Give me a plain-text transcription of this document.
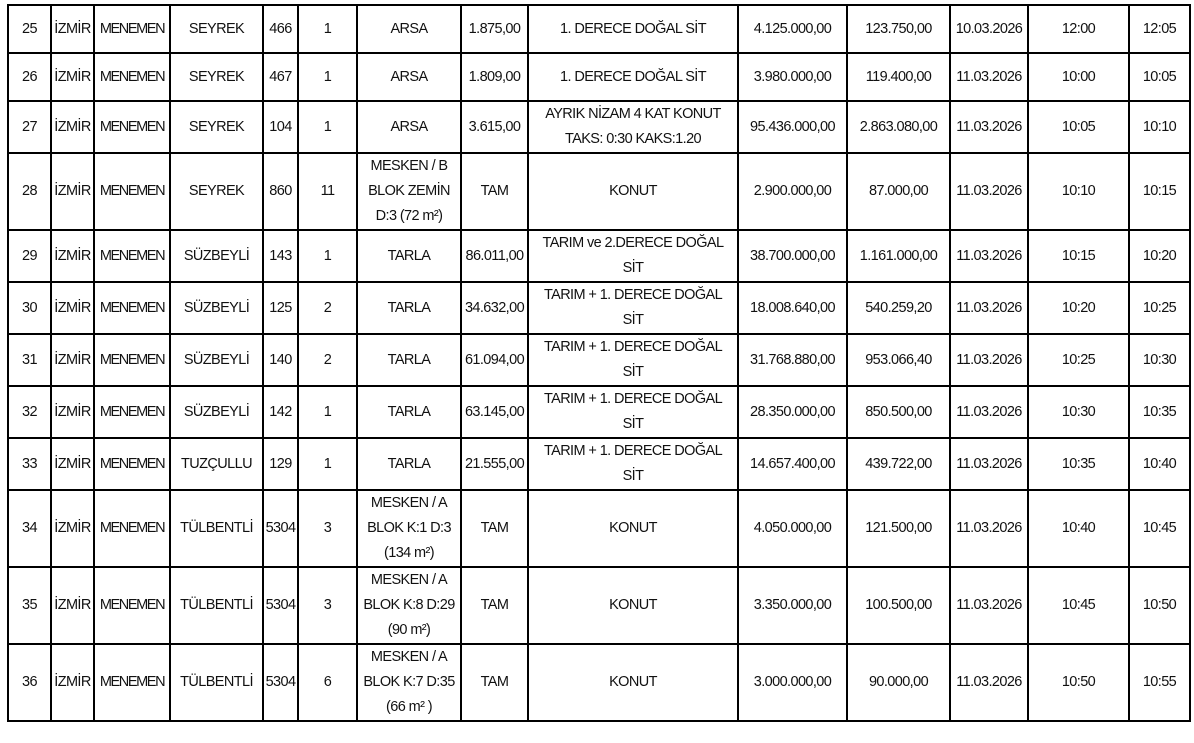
25	İZMİR	MENEMEN	SEYREK	466	1	ARSA	1.875,00	1. DERECE DOĞAL SİT	4.125.000,00	123.750,00	10.03.2026	12:00	12:05
26	İZMİR	MENEMEN	SEYREK	467	1	ARSA	1.809,00	1. DERECE DOĞAL SİT	3.980.000,00	119.400,00	11.03.2026	10:00	10:05
27	İZMİR	MENEMEN	SEYREK	104	1	ARSA	3.615,00	AYRIK NİZAM 4 KAT KONUT
TAKS: 0:30 KAKS:1.20	95.436.000,00	2.863.080,00	11.03.2026	10:05	10:10
28	İZMİR	MENEMEN	SEYREK	860	11	MESKEN / B
BLOK ZEMİN
D:3 (72 m²)	TAM	KONUT	2.900.000,00	87.000,00	11.03.2026	10:10	10:15
29	İZMİR	MENEMEN	SÜZBEYLİ	143	1	TARLA	86.011,00	TARIM ve 2.DERECE DOĞAL
SİT	38.700.000,00	1.161.000,00	11.03.2026	10:15	10:20
30	İZMİR	MENEMEN	SÜZBEYLİ	125	2	TARLA	34.632,00	TARIM + 1. DERECE DOĞAL
SİT	18.008.640,00	540.259,20	11.03.2026	10:20	10:25
31	İZMİR	MENEMEN	SÜZBEYLİ	140	2	TARLA	61.094,00	TARIM + 1. DERECE DOĞAL
SİT	31.768.880,00	953.066,40	11.03.2026	10:25	10:30
32	İZMİR	MENEMEN	SÜZBEYLİ	142	1	TARLA	63.145,00	TARIM + 1. DERECE DOĞAL
SİT	28.350.000,00	850.500,00	11.03.2026	10:30	10:35
33	İZMİR	MENEMEN	TUZÇULLU	129	1	TARLA	21.555,00	TARIM + 1. DERECE DOĞAL
SİT	14.657.400,00	439.722,00	11.03.2026	10:35	10:40
34	İZMİR	MENEMEN	TÜLBENTLİ	5304	3	MESKEN / A
BLOK K:1 D:3
(134 m²)	TAM	KONUT	4.050.000,00	121.500,00	11.03.2026	10:40	10:45
35	İZMİR	MENEMEN	TÜLBENTLİ	5304	3	MESKEN / A
BLOK K:8 D:29
(90 m²)	TAM	KONUT	3.350.000,00	100.500,00	11.03.2026	10:45	10:50
36	İZMİR	MENEMEN	TÜLBENTLİ	5304	6	MESKEN / A
BLOK K:7 D:35
(66 m² )	TAM	KONUT	3.000.000,00	90.000,00	11.03.2026	10:50	10:55
